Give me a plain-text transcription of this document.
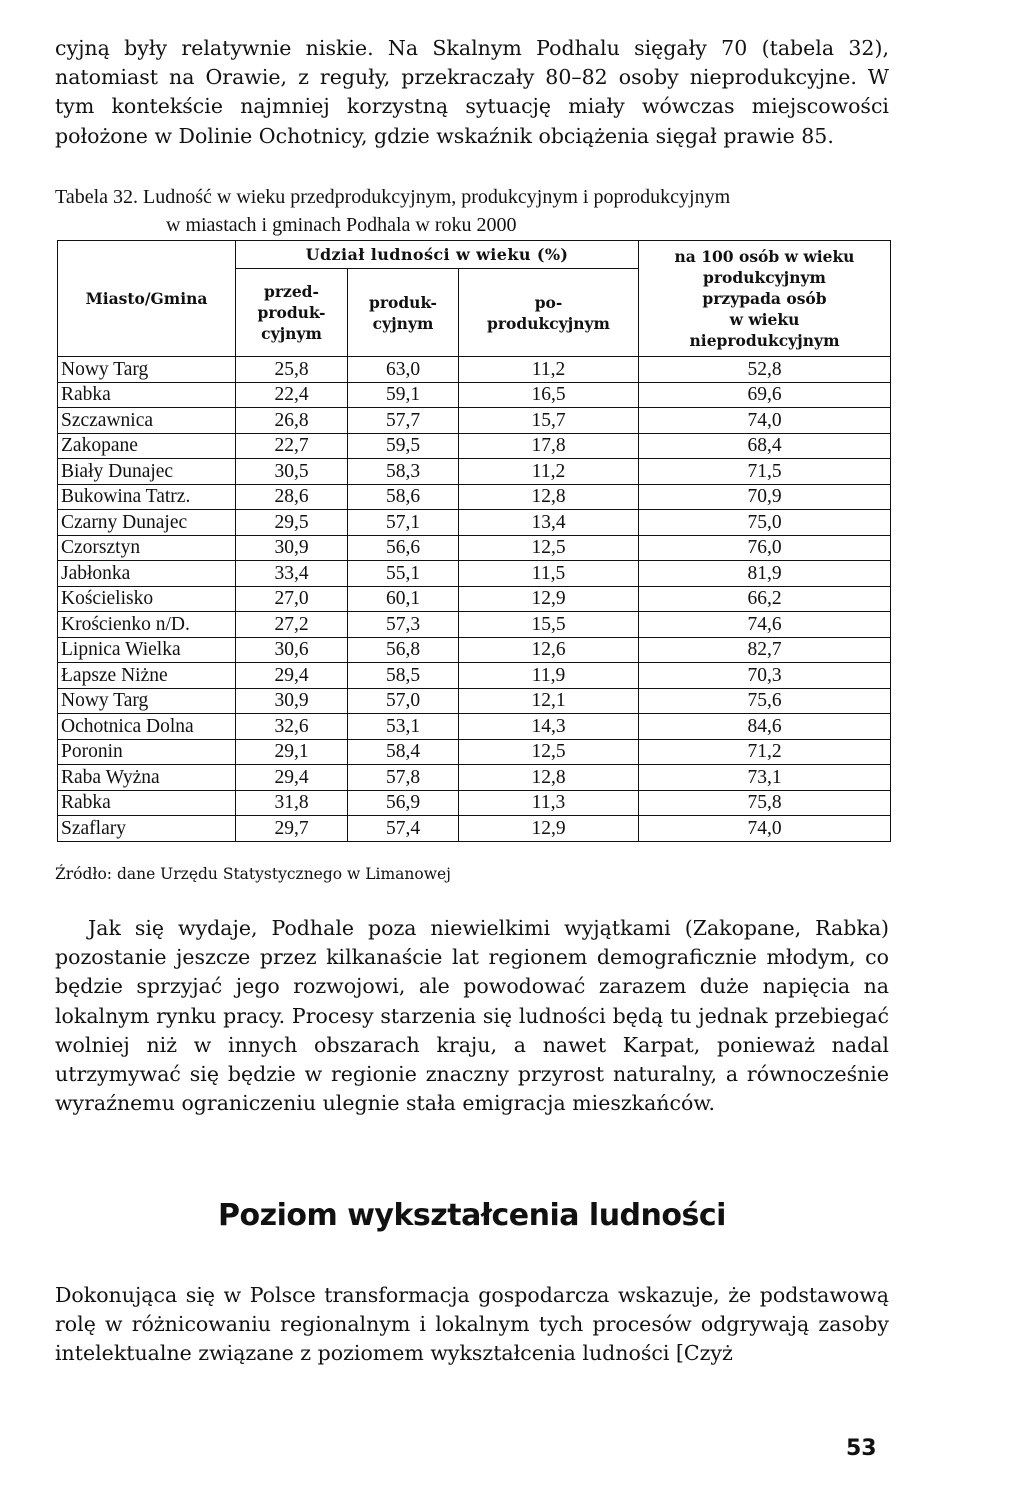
cyjną były relatywnie niskie. Na Skalnym Podhalu sięgały 70 (tabela 32), natomiast na Orawie, z reguły, przekraczały 80–82 osoby nieprodukcyjne. W tym kontekście najmniej korzystną sytuację miały wówczas miejscowości położone w Dolinie Ochotnicy, gdzie wskaźnik obciążenia sięgał prawie 85.

Tabela 32. Ludność w wieku przedprodukcyjnym, produkcyjnym i poprodukcyjnym
w miastach i gminach Podhala w roku 2000
Miasto/Gmina	Udział ludności w wieku (%)			na 100 osób w wieku
produkcyjnym
przypada osób
w wieku
nieprodukcyjnym
	przed-
produk-
cyjnym	produk-
cyjnym	po-
produkcyjnym	
Nowy Targ	25,8	63,0	11,2	52,8
Rabka	22,4	59,1	16,5	69,6
Szczawnica	26,8	57,7	15,7	74,0
Zakopane	22,7	59,5	17,8	68,4
Biały Dunajec	30,5	58,3	11,2	71,5
Bukowina Tatrz.	28,6	58,6	12,8	70,9
Czarny Dunajec	29,5	57,1	13,4	75,0
Czorsztyn	30,9	56,6	12,5	76,0
Jabłonka	33,4	55,1	11,5	81,9
Kościelisko	27,0	60,1	12,9	66,2
Krościenko n/D.	27,2	57,3	15,5	74,6
Lipnica Wielka	30,6	56,8	12,6	82,7
Łapsze Niżne	29,4	58,5	11,9	70,3
Nowy Targ	30,9	57,0	12,1	75,6
Ochotnica Dolna	32,6	53,1	14,3	84,6
Poronin	29,1	58,4	12,5	71,2
Raba Wyżna	29,4	57,8	12,8	73,1
Rabka	31,8	56,9	11,3	75,8
Szaflary	29,7	57,4	12,9	74,0
Źródło: dane Urzędu Statystycznego w Limanowej

Jak się wydaje, Podhale poza niewielkimi wyjątkami (Zakopane, Rabka) pozostanie jeszcze przez kilkanaście lat regionem demograficznie młodym, co będzie sprzyjać jego rozwojowi, ale powodować zarazem duże napięcia na lokalnym rynku pracy. Procesy starzenia się ludności będą tu jednak przebiegać wolniej niż w innych obszarach kraju, a nawet Karpat, ponieważ nadal utrzymywać się będzie w regionie znaczny przyrost naturalny, a równocześnie wyraźnemu ograniczeniu ulegnie stała emigracja mieszkańców.

Poziom wykształcenia ludności

Dokonująca się w Polsce transformacja gospodarcza wskazuje, że podstawową rolę w różnicowaniu regionalnym i lokalnym tych procesów odgrywają zasoby intelektualne związane z poziomem wykształcenia ludności [Czyż

53
